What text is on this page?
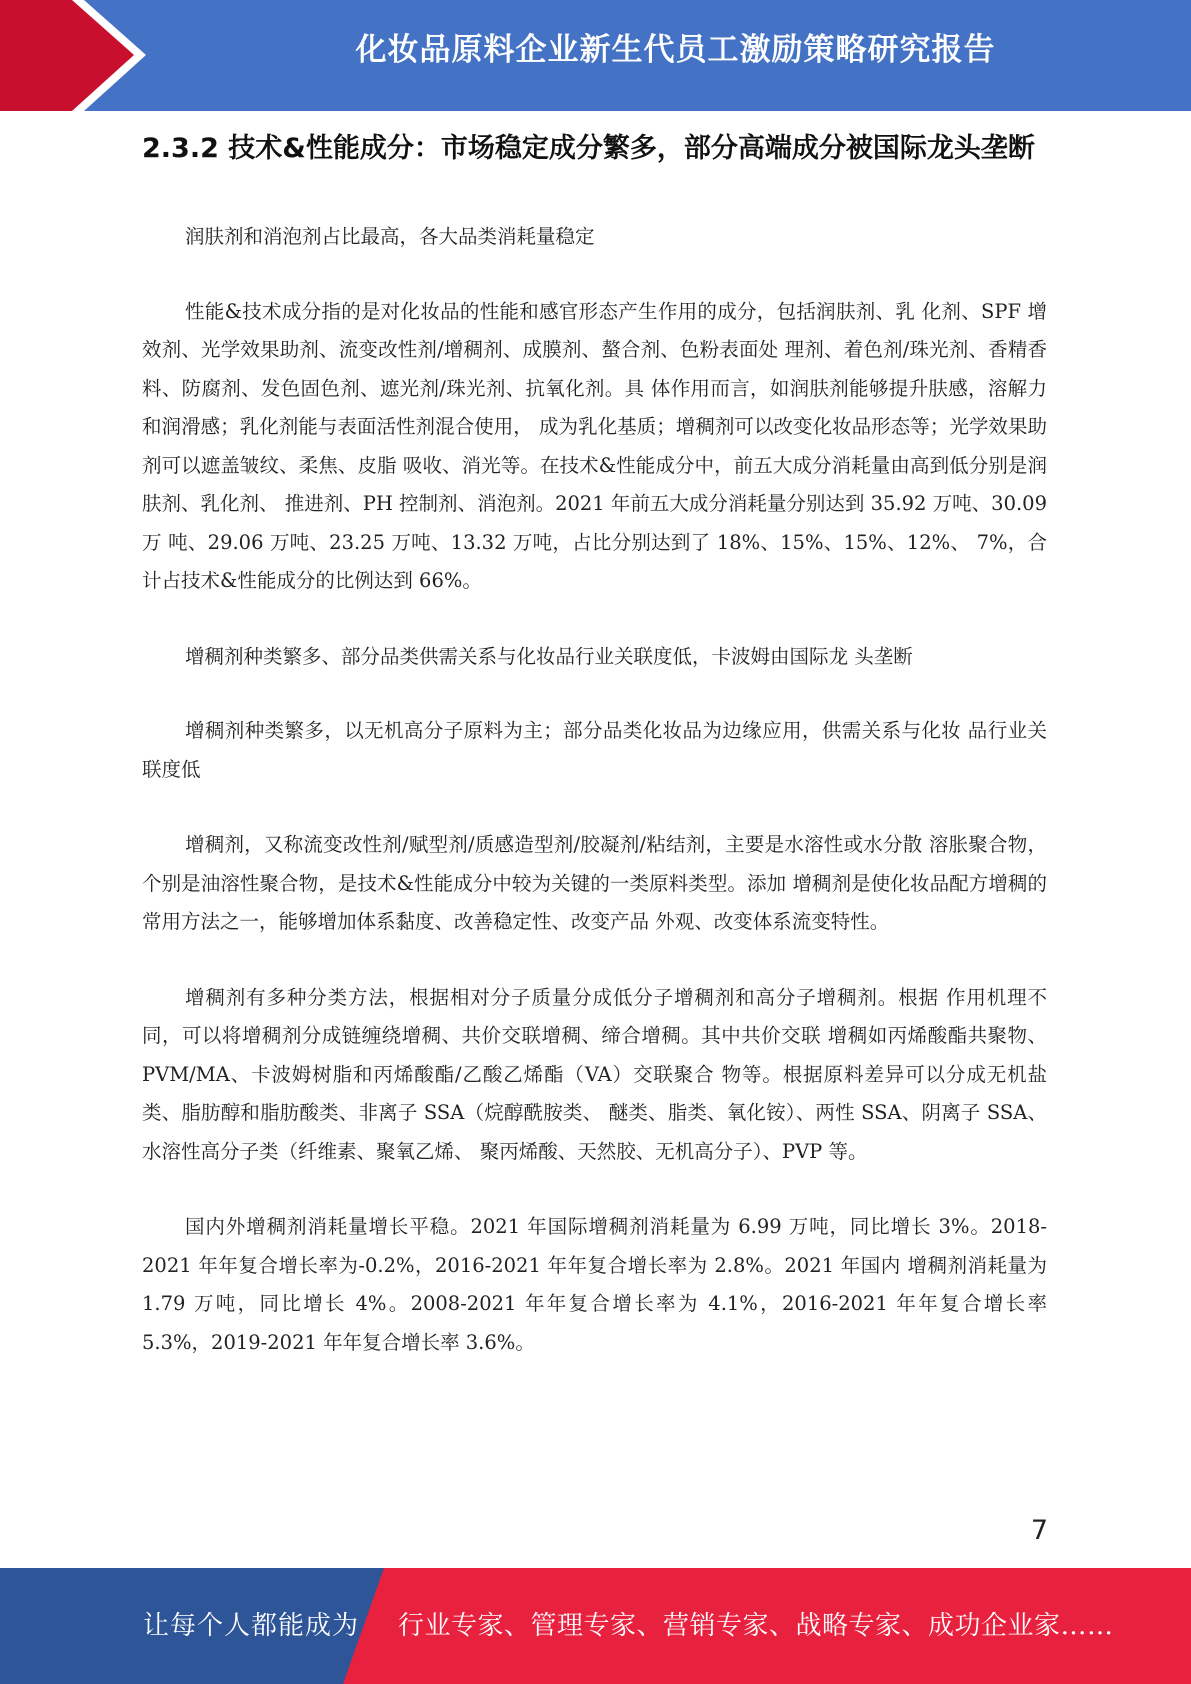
化妆品原料企业新生代员工激励策略研究报告
2.3.2 技术&性能成分：市场稳定成分繁多，部分高端成分被国际龙头垄断

润肤剂和消泡剂占比最高，各大品类消耗量稳定

性能&技术成分指的是对化妆品的性能和感官形态产生作用的成分，包括润肤剂、乳 化剂、SPF 增效剂、光学效果助剂、流变改性剂/增稠剂、成膜剂、螯合剂、色粉表面处 理剂、着色剂/珠光剂、香精香料、防腐剂、发色固色剂、遮光剂/珠光剂、抗氧化剂。具 体作用而言，如润肤剂能够提升肤感，溶解力和润滑感；乳化剂能与表面活性剂混合使用， 成为乳化基质；增稠剂可以改变化妆品形态等；光学效果助剂可以遮盖皱纹、柔焦、皮脂 吸收、消光等。在技术&性能成分中，前五大成分消耗量由高到低分别是润肤剂、乳化剂、 推进剂、PH 控制剂、消泡剂。2021 年前五大成分消耗量分别达到 35.92 万吨、30.09 万 吨、29.06 万吨、23.25 万吨、13.32 万吨，占比分别达到了 18%、15%、15%、12%、 7%，合计占技术&性能成分的比例达到 66%。

增稠剂种类繁多、部分品类供需关系与化妆品行业关联度低，卡波姆由国际龙 头垄断

增稠剂种类繁多，以无机高分子原料为主；部分品类化妆品为边缘应用，供需关系与化妆 品行业关联度低

增稠剂，又称流变改性剂/赋型剂/质感造型剂/胶凝剂/粘结剂，主要是水溶性或水分散 溶胀聚合物，个别是油溶性聚合物，是技术&性能成分中较为关键的一类原料类型。添加 增稠剂是使化妆品配方增稠的常用方法之一，能够增加体系黏度、改善稳定性、改变产品 外观、改变体系流变特性。

增稠剂有多种分类方法，根据相对分子质量分成低分子增稠剂和高分子增稠剂。根据 作用机理不同，可以将增稠剂分成链缠绕增稠、共价交联增稠、缔合增稠。其中共价交联 增稠如丙烯酸酯共聚物、PVM/MA、卡波姆树脂和丙烯酸酯/乙酸乙烯酯（VA）交联聚合 物等。根据原料差异可以分成无机盐类、脂肪醇和脂肪酸类、非离子 SSA（烷醇酰胺类、 醚类、脂类、氧化铵）、两性 SSA、阴离子 SSA、水溶性高分子类（纤维素、聚氧乙烯、 聚丙烯酸、天然胶、无机高分子）、PVP 等。

国内外增稠剂消耗量增长平稳。2021 年国际增稠剂消耗量为 6.99 万吨，同比增长 3%。2018-2021 年年复合增长率为-0.2%，2016-2021 年年复合增长率为 2.8%。2021 年国内 增稠剂消耗量为 1.79 万吨，同比增长 4%。2008-2021 年年复合增长率为 4.1%，2016-2021 年年复合增长率 5.3%，2019-2021 年年复合增长率 3.6%。

7
让每个人都能成为 行业专家、管理专家、营销专家、战略专家、成功企业家……
